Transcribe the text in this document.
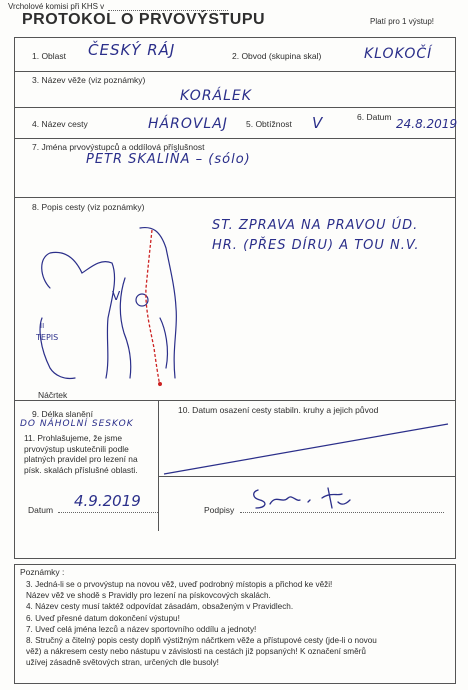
Vrcholové komisi při KHS v
PROTOKOL O PRVOVÝSTUPU	Platí pro 1 výstup!
1. Oblast ČESKÝ RÁJ	2. Obvod (skupina skal)	KLOKOČÍ
3. Název věže (viz poznámky)
KORÁLEK
4. Název cesty	HÁROVLAJ 5. Obtížnost V	6. Datum 24.8.2019
7. Jména prvovýstupců a oddílová příslušnost
PETR SKALIŇA – (sólo)
8. Popis cesty (viz poznámky)
ST. ZPRAVA NA PRAVOU ÚD.
HR. (PŘES DÍRU) A TOU N.V.
V
TEPIS
II
Náčrtek
9. Délka slanění
DO NÁHOLNÍ SESKOK
10. Datum osazení cesty stabiln. kruhy a jejich původ
11. Prohlašujeme, že jsme prvovýstup uskutečnili podle platných pravidel pro lezení na písk. skalách příslušné oblasti.
Datum 4.9.2019	Podpisy
Poznámky :
3. Jedná-li se o prvovýstup na novou věž, uveď podrobný místopis a přichod ke věži!
Název věž ve shodě s Pravidly pro lezení na pískovcových skalách.
4. Název cesty musí taktéž odpovídat zásadám, obsaženým v Pravidlech.
6. Uveď přesné datum dokončení výstupu!
7. Uveď celá jména lezců a název sportovního oddílu a jednoty!
8. Stručný a čitelný popis cesty doplň výstižným náčrtkem věže a přístupové cesty (jde-li o novou
věž) a nákresem cesty nebo nástupu v závislosti na cestách již popsaných! K označení směrů
užívej zásadně světových stran, určených dle busoly!
